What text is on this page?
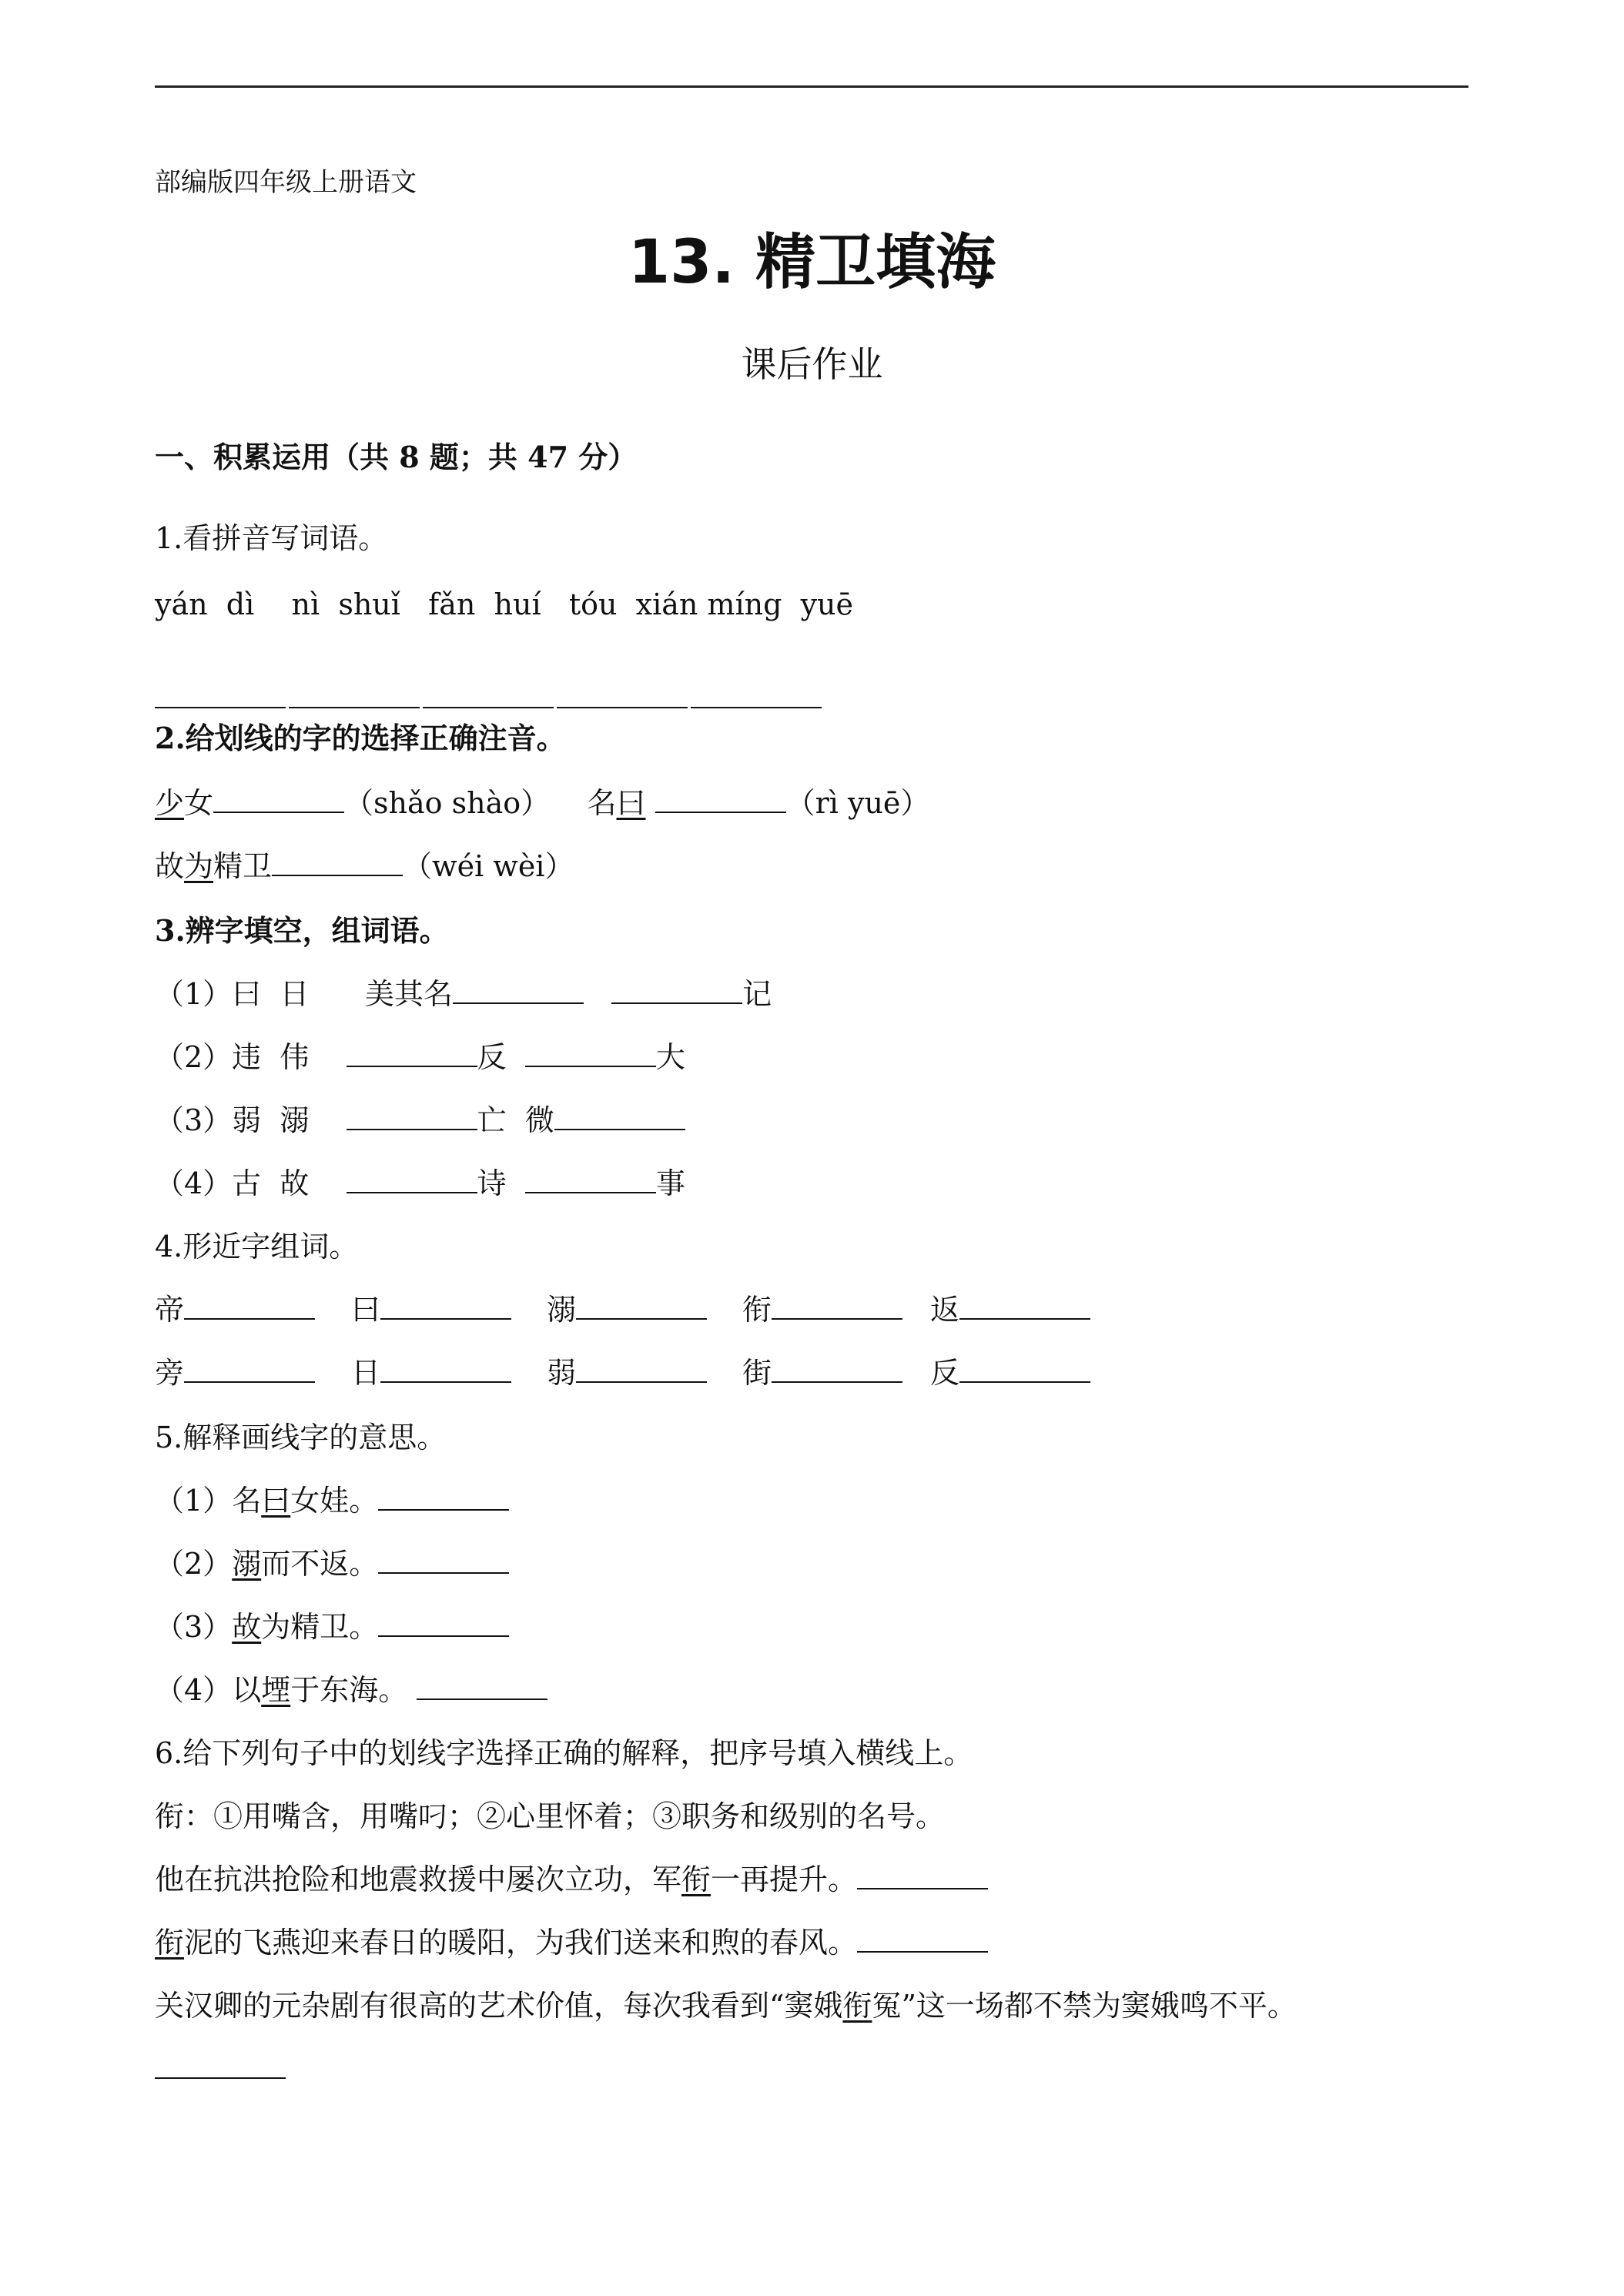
部编版四年级上册语文
13. 精卫填海
课后作业
一、积累运用（共 8 题；共 47 分）
1.看拼音写词语。
yán  dì    nì  shuǐ   fǎn  huí   tóu  xián míng  yuē
2.给划线的字的选择正确注音。
少女	（shǎo shào） 名曰	（rì yuē）
故为精卫	（wéi wèi）
3.辨字填空，组词语。
（1）曰  日 美其名	记
（2）违  伟	反	大
（3）弱  溺	亡 微
（4）古  故	诗	事
4.形近字组词。
帝	曰	溺	衔	返
旁	日	弱	街	反
5.解释画线字的意思。
（1）名曰女娃。
（2）溺而不返。
（3）故为精卫。
（4）以堙于东海。
6.给下列句子中的划线字选择正确的解释，把序号填入横线上。
衔：①用嘴含，用嘴叼；②心里怀着；③职务和级别的名号。
他在抗洪抢险和地震救援中屡次立功，军衔一再提升。
衔泥的飞燕迎来春日的暖阳，为我们送来和煦的春风。
关汉卿的元杂剧有很高的艺术价值，每次我看到“窦娥衔冤”这一场都不禁为窦娥鸣不平。
